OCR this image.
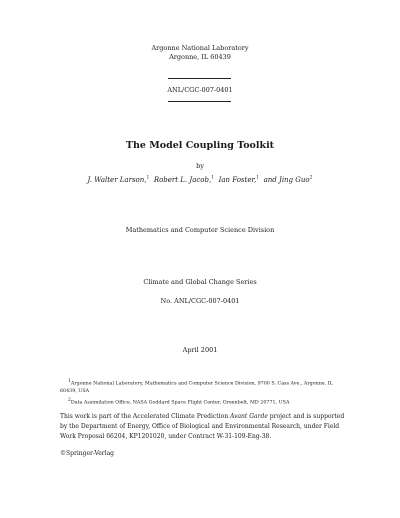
Argonne National Laboratory
Argonne, IL 60439
ANL/CGC-007-0401
The Model Coupling Toolkit
by
J. Walter Larson,$^1$ Robert L. Jacob,$^1$ Ian Foster,$^1$ and Jing Guo$^2$
Mathematics and Computer Science Division
Climate and Global Change Series
No. ANL/CGC-007-0401
April 2001
$^1$Argonne National Laboratory, Mathematics and Computer Science Division, 9700 S. Cass Ave., Argonne, IL 60439, USA
$^2$Data Assimilation Office, NASA Goddard Space Flight Center, Greenbelt, MD 20771, USA
This work is part of the Accelerated Climate Prediction Avant Garde project and is supported by the Department of Energy, Office of Biological and Environmental Research, under Field Work Proposal 66204, KP1201020, under Contract W-31-109-Eng-38.
©Springer-Verlag
